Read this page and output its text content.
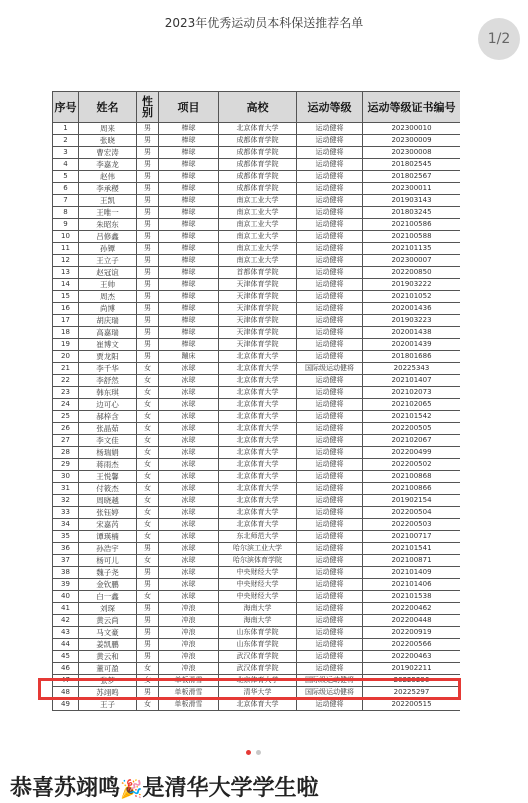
2023年优秀运动员本科保送推荐名单
1/2
序号	姓名	性别	项目	高校	运动等级	运动等级证书编号
1	周来	男	棒球	北京体育大学	运动健将	202300010
2	张晓	男	棒球	成都体育学院	运动健将	202300009
3	曹宏涛	男	棒球	成都体育学院	运动健将	202300008
4	李嘉龙	男	棒球	成都体育学院	运动健将	201802545
5	赵伟	男	棒球	成都体育学院	运动健将	201802567
6	李承稷	男	棒球	成都体育学院	运动健将	202300011
7	王凯	男	棒球	南京工业大学	运动健将	201903143
8	王唯一	男	棒球	南京工业大学	运动健将	201803245
9	朱昭东	男	棒球	南京工业大学	运动健将	202100586
10	吕修鑫	男	棒球	南京工业大学	运动健将	202100588
11	孙镡	男	棒球	南京工业大学	运动健将	202101135
12	王立子	男	棒球	南京工业大学	运动健将	202300007
13	赵冠谊	男	棒球	首都体育学院	运动健将	202200850
14	王帅	男	棒球	天津体育学院	运动健将	201903222
15	周杰	男	棒球	天津体育学院	运动健将	202101052
16	尚博	男	棒球	天津体育学院	运动健将	202001436
17	胡庆瑞	男	棒球	天津体育学院	运动健将	201903223
18	高嘉瑞	男	棒球	天津体育学院	运动健将	202001438
19	崔博文	男	棒球	天津体育学院	运动健将	202001439
20	贾龙阳	男	蹦床	北京体育大学	运动健将	201801686
21	李千华	女	冰球	北京体育大学	国际级运动健将	20225343
22	李舒然	女	冰球	北京体育大学	运动健将	202101407
23	韩东琪	女	冰球	北京体育大学	运动健将	202102073
24	边可心	女	冰球	北京体育大学	运动健将	202102065
25	郝梓含	女	冰球	北京体育大学	运动健将	202101542
26	张晶茹	女	冰球	北京体育大学	运动健将	202200505
27	李文佳	女	冰球	北京体育大学	运动健将	202102067
28	杨瑞娟	女	冰球	北京体育大学	运动健将	202200499
29	蒋雨杰	女	冰球	北京体育大学	运动健将	202200502
30	王悦馨	女	冰球	北京体育大学	运动健将	202100868
31	付筱杰	女	冰球	北京体育大学	运动健将	202100866
32	周晓越	女	冰球	北京体育大学	运动健将	201902154
33	张钰婷	女	冰球	北京体育大学	运动健将	202200504
34	宋嘉芮	女	冰球	北京体育大学	运动健将	202200503
35	谭瑛楠	女	冰球	东北师范大学	运动健将	202100717
36	孙浩宇	男	冰球	哈尔滨工业大学	运动健将	202101541
37	杨可儿	女	冰球	哈尔滨体育学院	运动健将	202100871
38	魏子尧	男	冰球	中央财经大学	运动健将	202101409
39	金钦鹏	男	冰球	中央财经大学	运动健将	202101406
40	白一鑫	女	冰球	中央财经大学	运动健将	202101538
41	刘琛	男	冲浪	海南大学	运动健将	202200462
42	黄云尚	男	冲浪	海南大学	运动健将	202200448
43	马文豪	男	冲浪	山东体育学院	运动健将	202200919
44	姜凯鹏	男	冲浪	山东体育学院	运动健将	202200566
45	黄云和	男	冲浪	武汉体育学院	运动健将	202200463
46	董可盈	女	冲浪	武汉体育学院	运动健将	201902211
47	张梦	女	单板滑雪	北京体育大学	国际级运动健将	20225296
48	苏翊鸣	男	单板滑雪	清华大学	国际级运动健将	20225297
49	王子	女	单板滑雪	北京体育大学	运动健将	202200515
恭喜苏翊鸣🎉是清华大学学生啦
